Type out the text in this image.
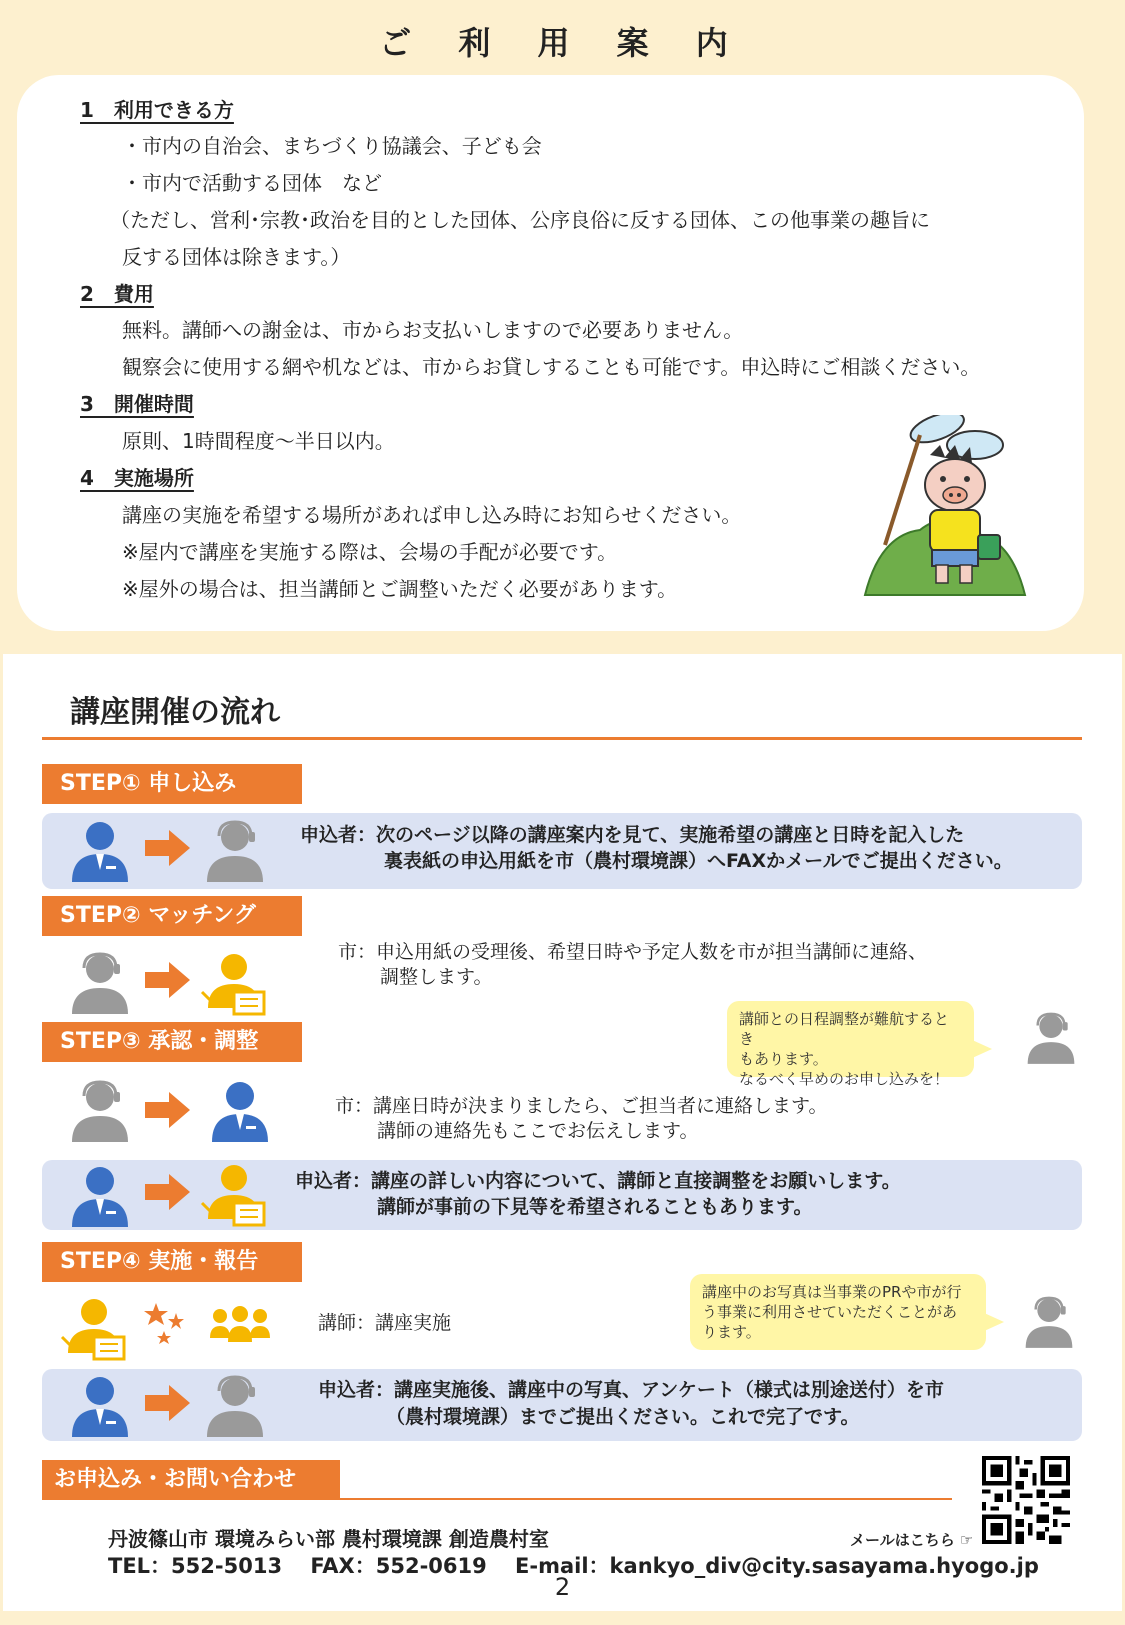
ご 利 用 案 内
1　利用できる方
・市内の自治会、まちづくり協議会、子ども会
・市内で活動する団体　など
（ただし、営利･宗教･政治を目的とした団体、公序良俗に反する団体、この他事業の趣旨に
反する団体は除きます。）
2　費用
無料。講師への謝金は、市からお支払いしますので必要ありません。
観察会に使用する網や机などは、市からお貸しすることも可能です。申込時にご相談ください。
3　開催時間
原則、1時間程度～半日以内。
4　実施場所
講座の実施を希望する場所があれば申し込み時にお知らせください。
※屋内で講座を実施する際は、会場の手配が必要です。
※屋外の場合は、担当講師とご調整いただく必要があります。
講座開催の流れ
STEP① 申し込み
申込者：次のページ以降の講座案内を見て、実施希望の講座と日時を記入した
裏表紙の申込用紙を市（農村環境課）へFAXかメールでご提出ください。
STEP② マッチング
市：申込用紙の受理後、希望日時や予定人数を市が担当講師に連絡、
調整します。
講師との日程調整が難航するとき
もあります。
なるべく早めのお申し込みを！
STEP③ 承認・調整
市：講座日時が決まりましたら、ご担当者に連絡します。
講師の連絡先もここでお伝えします。
申込者：講座の詳しい内容について、講師と直接調整をお願いします。
講師が事前の下見等を希望されることもあります。
STEP④ 実施・報告
講師：講座実施
講座中のお写真は当事業のPRや市が行
う事業に利用させていただくことがあ
ります。
申込者：講座実施後、講座中の写真、アンケート（様式は別途送付）を市
（農村環境課）までご提出ください。これで完了です。
お申込み・お問い合わせ
丹波篠山市 環境みらい部 農村環境課 創造農村室
TEL：552-5013　 FAX：552-0619　 E-mail：kankyo_div@city.sasayama.hyogo.jp
メールはこちら ☞
2
